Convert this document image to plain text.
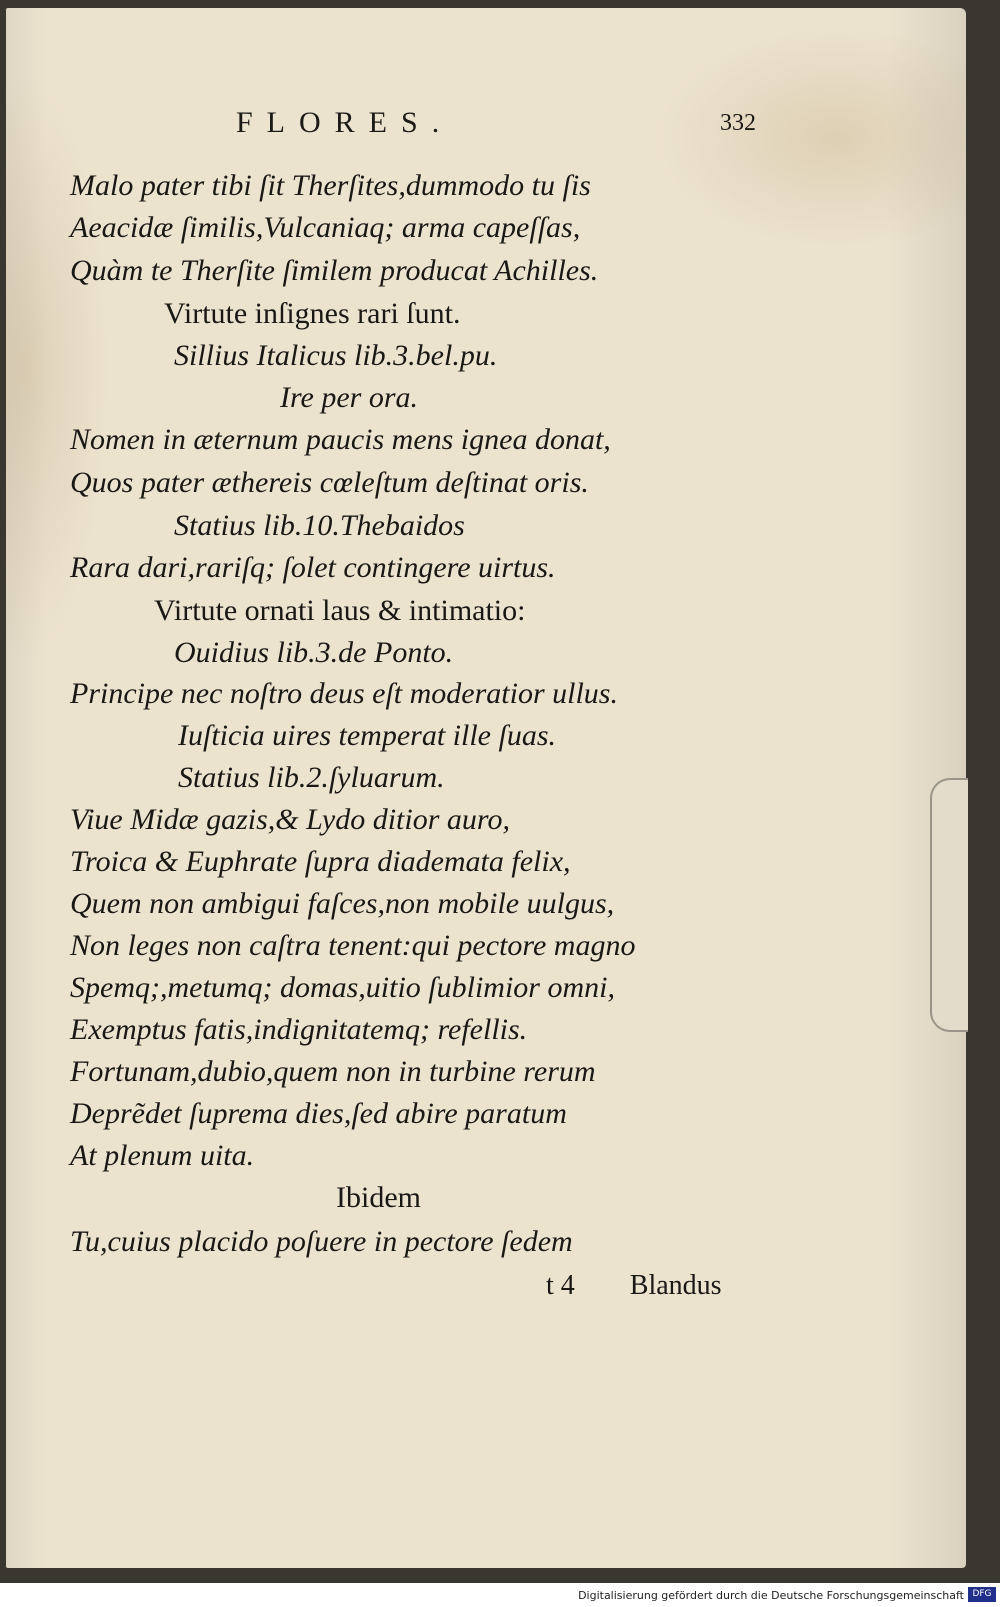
FLORES.	332
Malo pater tibi ſit Therſites,dummodo tu ſis
Aeacidæ ſimilis,Vulcaniaq; arma capeſſas,
Quàm te Therſite ſimilem producat Achilles.
Virtute inſignes rari ſunt.
Sillius Italicus lib.3.bel.pu.
Ire per ora.
Nomen in æternum paucis mens ignea donat,
Quos pater æthereis cœleſtum deſtinat oris.
Statius lib.10.Thebaidos
Rara dari,rariſq; ſolet contingere uirtus.
Virtute ornati laus & intimatio:
Ouidius lib.3.de Ponto.
Principe nec noſtro deus eſt moderatior ullus.
Iuſticia uires temperat ille ſuas.
Statius lib.2.ſyluarum.
Viue Midæ gazis,& Lydo ditior auro,
Troica & Euphrate ſupra diademata felix,
Quem non ambigui faſces,non mobile uulgus,
Non leges non caſtra tenent:qui pectore magno
Spemq;,metumq; domas,uitio ſublimior omni,
Exemptus fatis,indignitatemq; refellis.
Fortunam,dubio,quem non in turbine rerum
Deprẽdet ſuprema dies,ſed abire paratum
At plenum uita.
Ibidem
Tu,cuius placido poſuere in pectore ſedem
t 4 Blandus
Digitalisierung gefördert durch die Deutsche Forschungsgemeinschaft DFG
